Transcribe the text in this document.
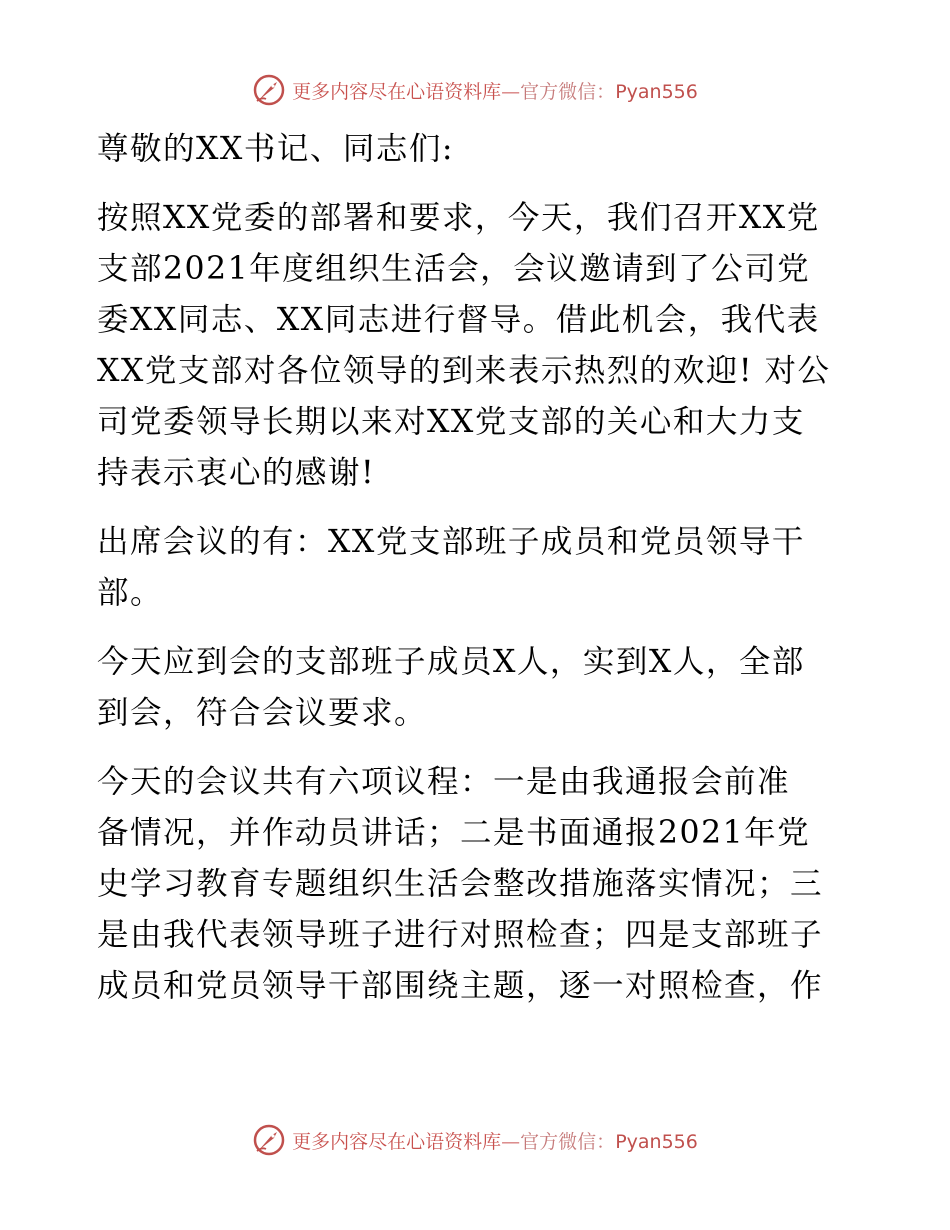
更多内容尽在心语资料库—官方微信：Pyan556

尊敬的XX书记、同志们:

按照XX党委的部署和要求，今天，我们召开XX党
支部2021年度组织生活会，会议邀请到了公司党
委XX同志、XX同志进行督导。借此机会，我代表
XX党支部对各位领导的到来表示热烈的欢迎! 对公
司党委领导长期以来对XX党支部的关心和大力支
持表示衷心的感谢!

出席会议的有：XX党支部班子成员和党员领导干
部。

今天应到会的支部班子成员X人，实到X人，全部
到会，符合会议要求。

今天的会议共有六项议程：一是由我通报会前准
备情况，并作动员讲话；二是书面通报2021年党
史学习教育专题组织生活会整改措施落实情况；三
是由我代表领导班子进行对照检查；四是支部班子
成员和党员领导干部围绕主题，逐一对照检查，作

更多内容尽在心语资料库—官方微信：Pyan556
